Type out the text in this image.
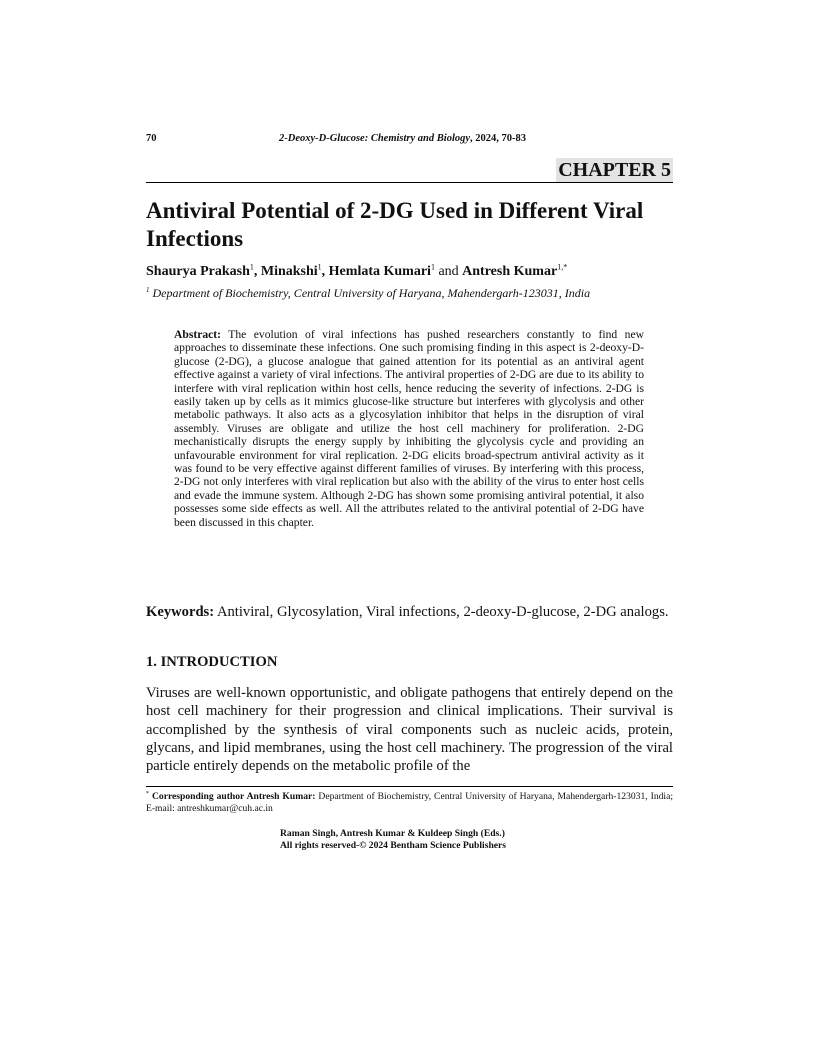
70	2-Deoxy-D-Glucose: Chemistry and Biology, 2024, 70-83
CHAPTER 5
Antiviral Potential of 2-DG Used in Different Viral Infections
Shaurya Prakash$^1$, Minakshi$^1$, Hemlata Kumari$^1$ and Antresh Kumar$^{1,*}$
$^1$ Department of Biochemistry, Central University of Haryana, Mahendergarh-123031, India
Abstract: The evolution of viral infections has pushed researchers constantly to find new approaches to disseminate these infections. One such promising finding in this aspect is 2-deoxy-D-glucose (2-DG), a glucose analogue that gained attention for its potential as an antiviral agent effective against a variety of viral infections. The antiviral properties of 2-DG are due to its ability to interfere with viral replication within host cells, hence reducing the severity of infections. 2-DG is easily taken up by cells as it mimics glucose-like structure but interferes with glycolysis and other metabolic pathways. It also acts as a glycosylation inhibitor that helps in the disruption of viral assembly. Viruses are obligate and utilize the host cell machinery for proliferation. 2-DG mechanistically disrupts the energy supply by inhibiting the glycolysis cycle and providing an unfavourable environment for viral replication. 2-DG elicits broad-spectrum antiviral activity as it was found to be very effective against different families of viruses. By interfering with this process, 2-DG not only interferes with viral replication but also with the ability of the virus to enter host cells and evade the immune system. Although 2-DG has shown some promising antiviral potential, it also possesses some side effects as well. All the attributes related to the antiviral potential of 2-DG have been discussed in this chapter.
Keywords: Antiviral, Glycosylation, Viral infections, 2-deoxy-D-glucose, 2-DG analogs.
1. INTRODUCTION
Viruses are well-known opportunistic, and obligate pathogens that entirely depend on the host cell machinery for their progression and clinical implications. Their survival is accomplished by the synthesis of viral components such as nucleic acids, protein, glycans, and lipid membranes, using the host cell machinery. The progression of the viral particle entirely depends on the metabolic profile of the
* Corresponding author Antresh Kumar: Department of Biochemistry, Central University of Haryana, Mahendergarh-123031, India; E-mail: antreshkumar@cuh.ac.in
Raman Singh, Antresh Kumar & Kuldeep Singh (Eds.)
All rights reserved-© 2024 Bentham Science Publishers
